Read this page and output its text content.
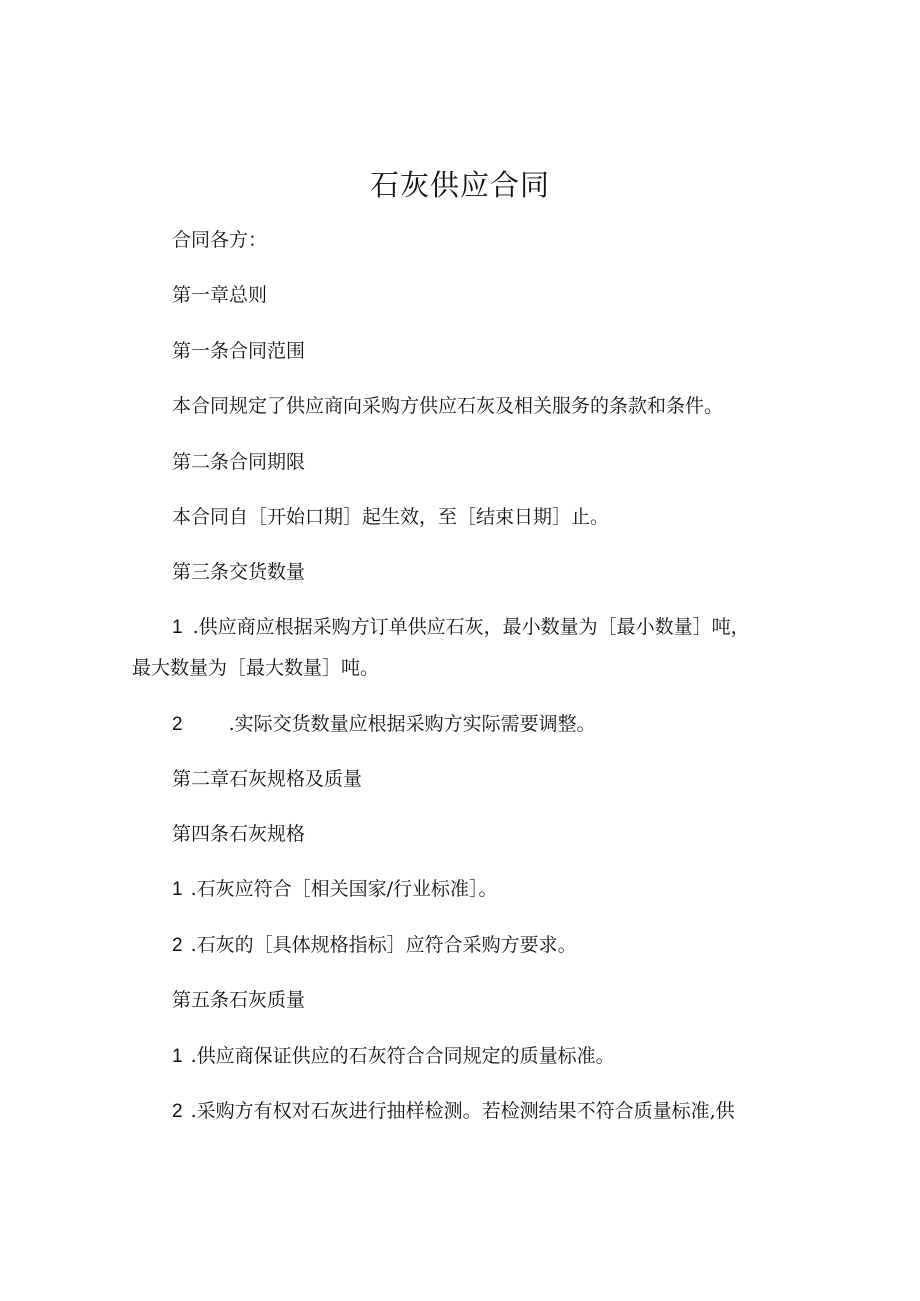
石灰供应合同
合同各方：
第一章总则
第一条合同范围
本合同规定了供应商向采购方供应石灰及相关服务的条款和条件。
第二条合同期限
本合同自［开始口期］起生效，至［结束日期］止。
第三条交货数量
1 .供应商应根据采购方订单供应石灰，最小数量为［最小数量］吨，
最大数量为［最大数量］吨。
2 .实际交货数量应根据采购方实际需要调整。
第二章石灰规格及质量
第四条石灰规格
1 .石灰应符合［相关国家/行业标准］。
2 .石灰的［具体规格指标］应符合采购方要求。
第五条石灰质量
1 .供应商保证供应的石灰符合合同规定的质量标准。
2 .采购方有权对石灰进行抽样检测。若检测结果不符合质量标准,供
